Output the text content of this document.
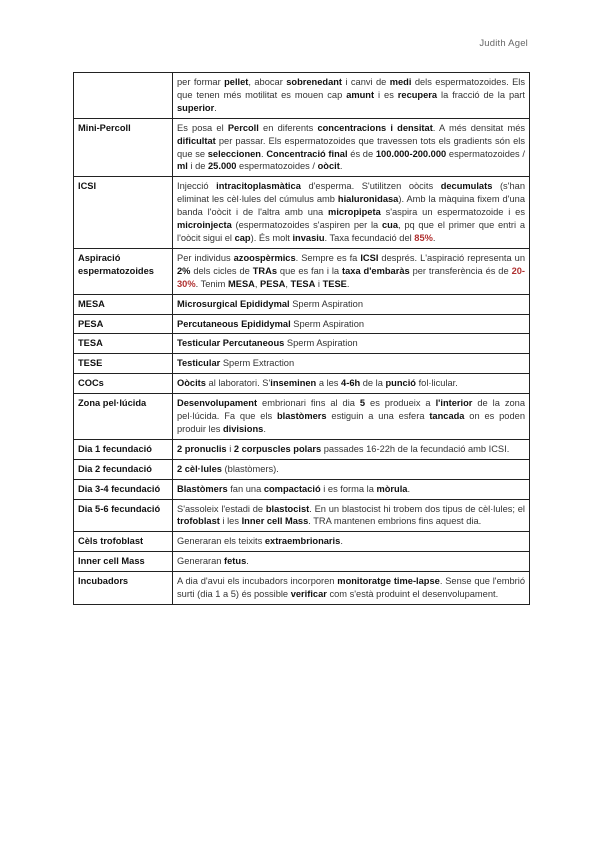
Judith Agel
	per formar pellet, abocar sobrenedant i canvi de medi dels espermatozoides. Els que tenen més motilitat es mouen cap amunt i es recupera la fracció de la part superior.
Mini-Percoll	Es posa el Percoll en diferents concentracions i densitat. A més densitat més dificultat per passar. Els espermatozoides que travessen tots els gradients són els que se seleccionen. Concentració final és de 100.000-200.000 espermatozoides / ml i de 25.000 espermatozoides / oòcit.
ICSI	Injecció intracitoplasmàtica d'esperma. S'utilitzen oòcits decumulats (s'han eliminat les cèl·lules del cúmulus amb hialuronidasa). Amb la màquina fixem d'una banda l'oòcit i de l'altra amb una micropipeta s'aspira un espermatozoide i es microinjecta (espermatozoides s'aspiren per la cua, pq que el primer que entri a l'oòcit sigui el cap). És molt invasiu. Taxa fecundació del 85%.
Aspiració espermatozoides	Per individus azoospèrmics. Sempre es fa ICSI després. L'aspiració representa un 2% dels cicles de TRAs que es fan i la taxa d'embaràs per transferència és de 20-30%. Tenim MESA, PESA, TESA i TESE.
MESA	Microsurgical Epididymal Sperm Aspiration
PESA	Percutaneous Epididymal Sperm Aspiration
TESA	Testicular Percutaneous Sperm Aspiration
TESE	Testicular Sperm Extraction
COCs	Oòcits al laboratori. S'inseminen a les 4-6h de la punció fol·licular.
Zona pel·lúcida	Desenvolupament embrionari fins al dia 5 es produeix a l'interior de la zona pel·lúcida. Fa que els blastòmers estiguin a una esfera tancada on es poden produir les divisions.
Dia 1 fecundació	2 pronuclis i 2 corpuscles polars passades 16-22h de la fecundació amb ICSI.
Dia 2 fecundació	2 cèl·lules (blastòmers).
Dia 3-4 fecundació	Blastòmers fan una compactació i es forma la mòrula.
Dia 5-6 fecundació	S'assoleix l'estadi de blastocist. En un blastocist hi trobem dos tipus de cèl·lules; el trofoblast i les Inner cell Mass. TRA mantenen embrions fins aquest dia.
Cèls trofoblast	Generaran els teixits extraembrionaris.
Inner cell Mass	Generaran fetus.
Incubadors	A dia d'avui els incubadors incorporen monitoratge time-lapse. Sense que l'embrió surti (dia 1 a 5) és possible verificar com s'està produint el desenvolupament.
